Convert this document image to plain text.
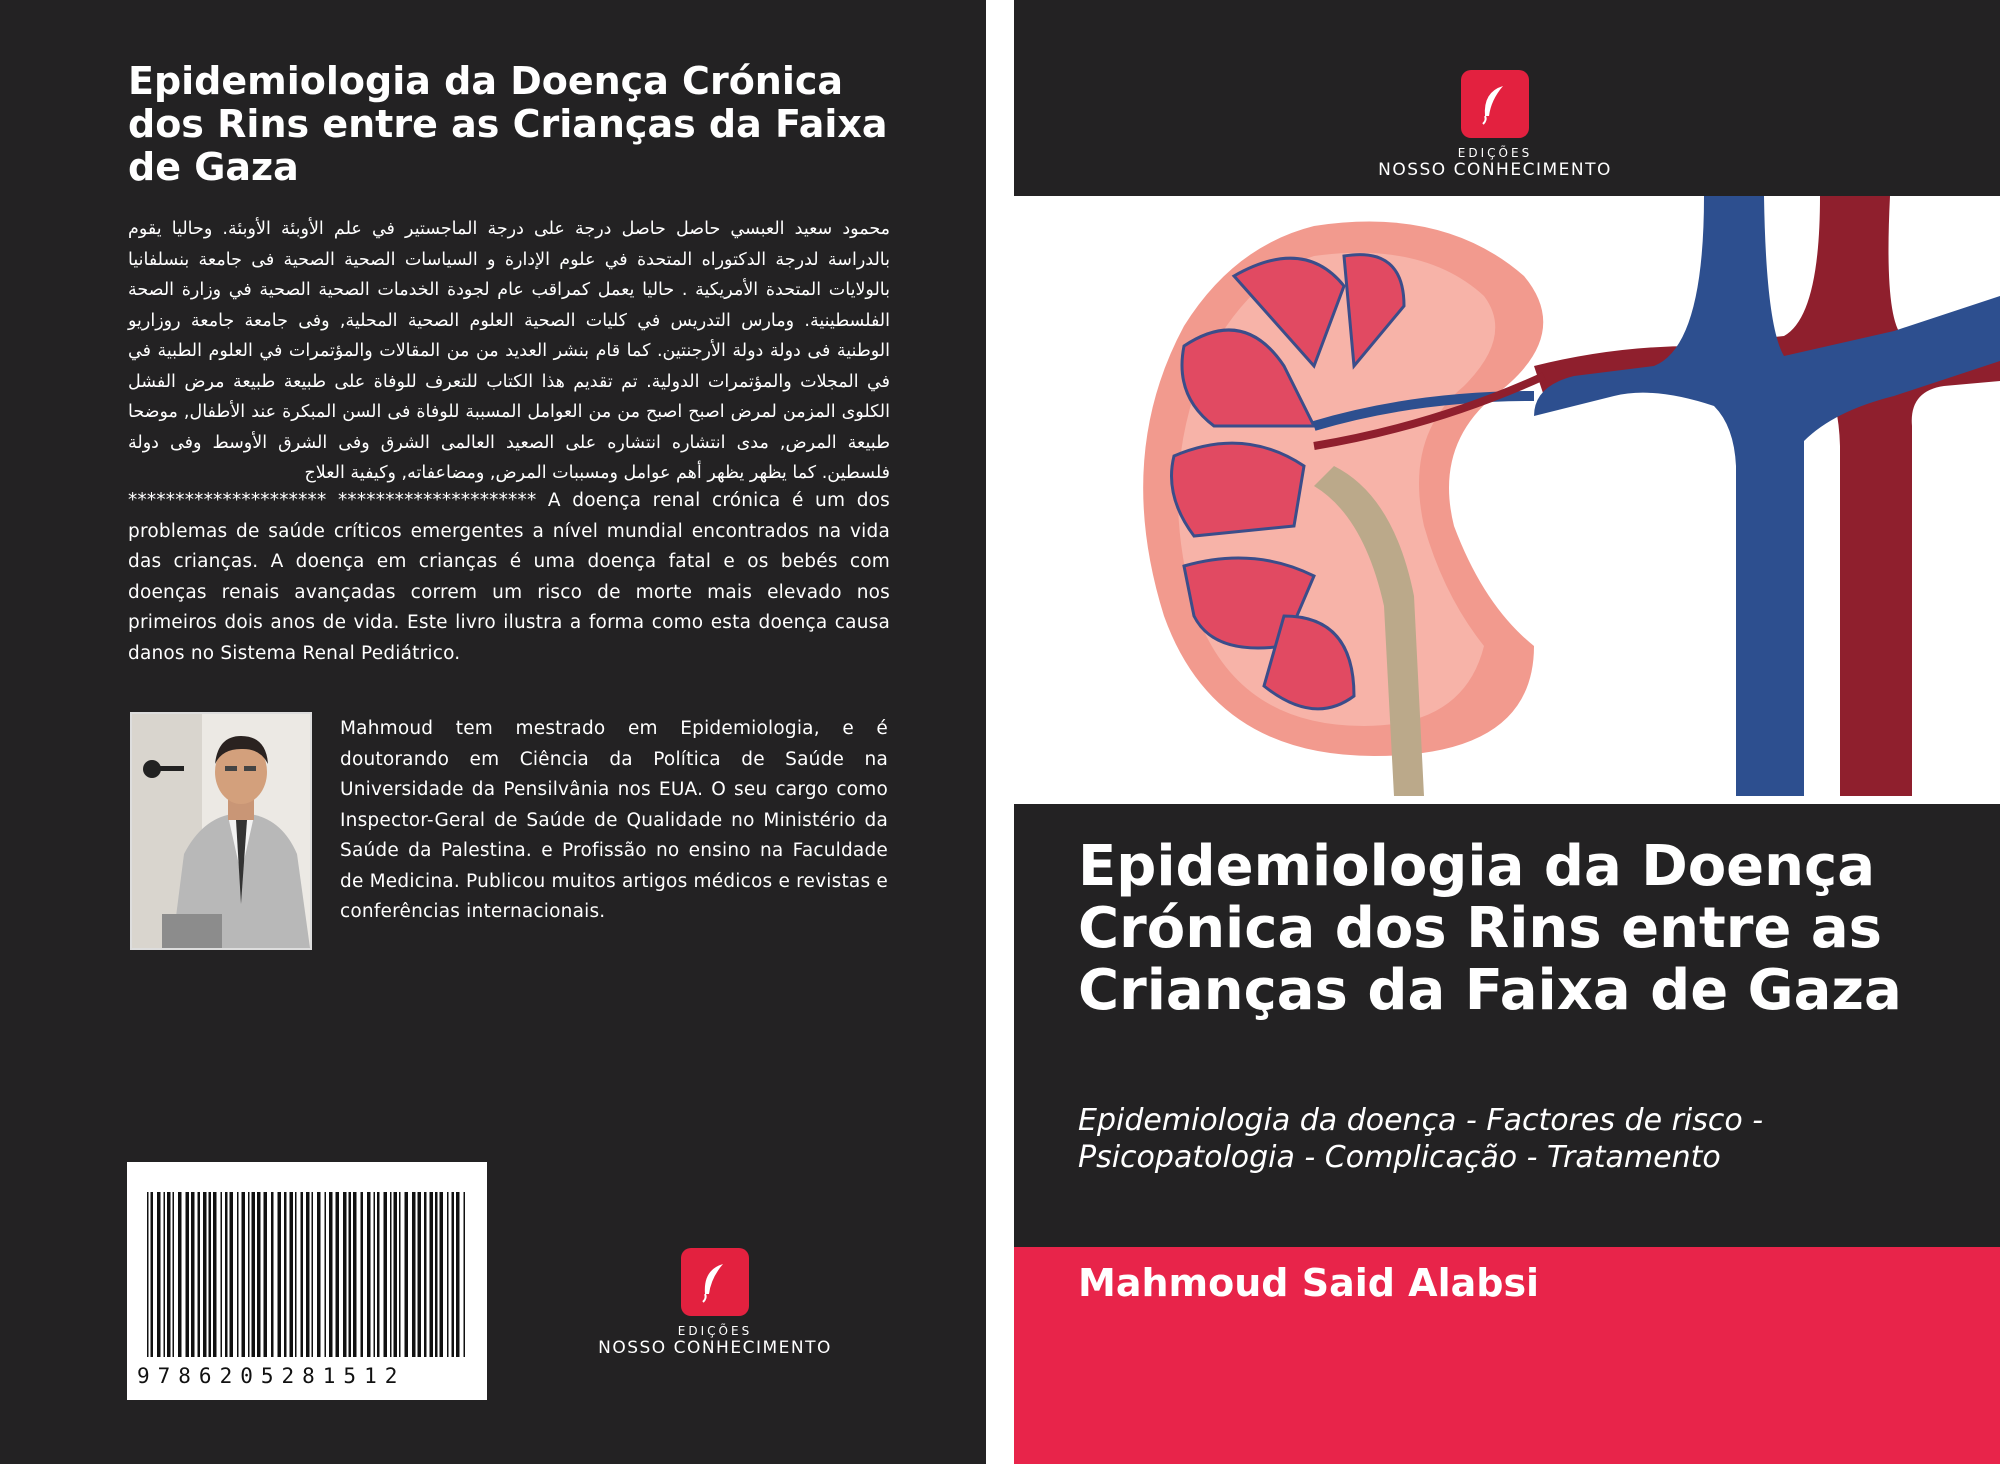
Epidemiologia da Doença Crónica dos Rins entre as Crianças da Faixa de Gaza

محمود سعيد العبسي حاصل حاصل درجة على درجة الماجستير في علم الأوبئة الأوبئة. وحاليا يقوم بالدراسة لدرجة الدكتوراه المتحدة في علوم الإدارة و السياسات الصحية الصحية فى جامعة بنسلفانيا بالولايات المتحدة الأمريكية . حاليا يعمل كمراقب عام لجودة الخدمات الصحية الصحية في وزارة الصحة الفلسطينية. ومارس التدريس في كليات الصحية العلوم الصحية المحلية, وفى جامعة جامعة روزاريو الوطنية فى دولة دولة الأرجنتين. كما قام بنشر العديد من من المقالات والمؤتمرات في العلوم الطبية في في المجلات والمؤتمرات الدولية. تم تقديم هذا الكتاب للتعرف للوفاة على طبيعة طبيعة مرض الفشل الكلوى المزمن لمرض اصبح اصبح من من العوامل المسببة للوفاة فى السن المبكرة عند الأطفال, موضحا طبيعة المرض, مدى انتشاره انتشاره على الصعيد العالمى الشرق وفى الشرق الأوسط وفى دولة فلسطين. كما يظهر يظهر أهم عوامل ومسببات المرض, ومضاعفاته, وكيفية العلاج

********************* ********************* A doença renal crónica é um dos problemas de saúde críticos emergentes a nível mundial encontrados na vida das crianças. A doença em crianças é uma doença fatal e os bebés com doenças renais avançadas correm um risco de morte mais elevado nos primeiros dois anos de vida. Este livro ilustra a forma como esta doença causa danos no Sistema Renal Pediátrico.

Mahmoud tem mestrado em Epidemiologia, e é doutorando em Ciência da Política de Saúde na Universidade da Pensilvânia nos EUA. O seu cargo como Inspector-Geral de Saúde de Qualidade no Ministério da Saúde da Palestina. e Profissão no ensino na Faculdade de Medicina. Publicou muitos artigos médicos e revistas e conferências internacionais.

9786205281512
EDIÇÕES
NOSSO CONHECIMENTO
EDIÇÕES
NOSSO CONHECIMENTO
Epidemiologia da Doença Crónica dos Rins entre as Crianças da Faixa de Gaza

Epidemiologia da doença - Factores de risco - Psicopatologia - Complicação - Tratamento

Mahmoud Said Alabsi
